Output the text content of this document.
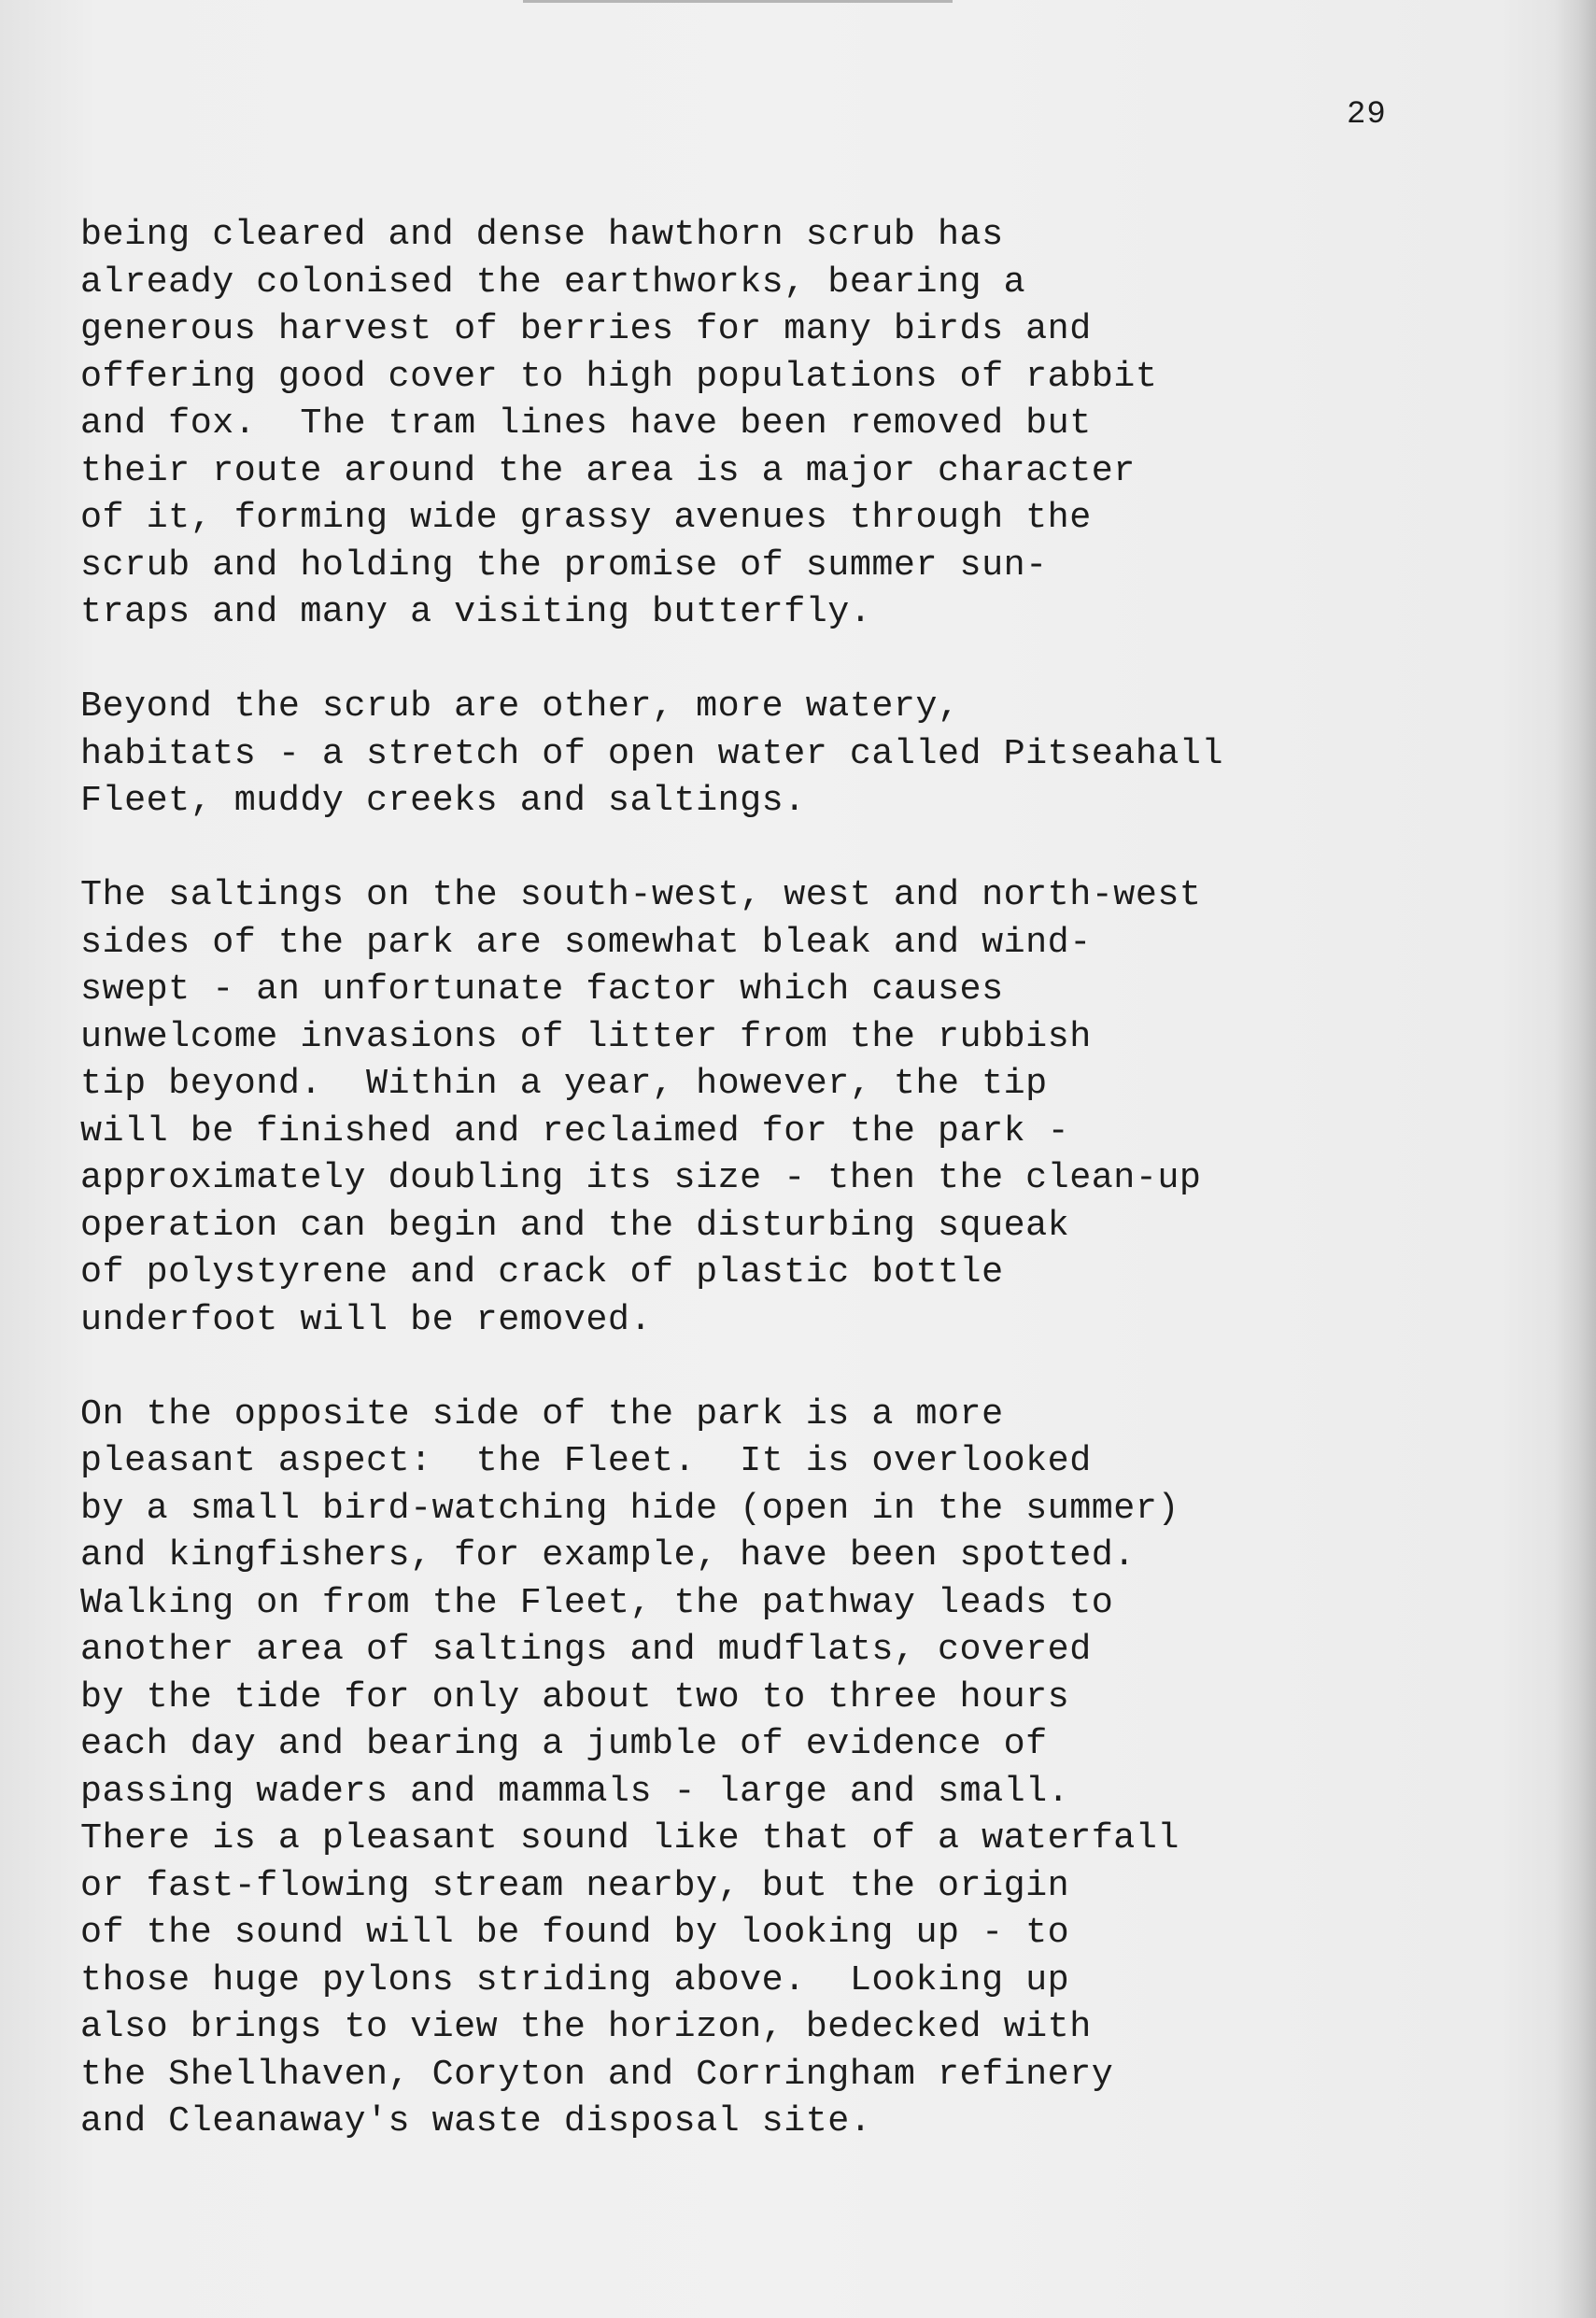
29
being cleared and dense hawthorn scrub has
already colonised the earthworks, bearing a
generous harvest of berries for many birds and
offering good cover to high populations of rabbit
and fox.  The tram lines have been removed but
their route around the area is a major character
of it, forming wide grassy avenues through the
scrub and holding the promise of summer sun-
traps and many a visiting butterfly.
Beyond the scrub are other, more watery,
habitats - a stretch of open water called Pitseahall
Fleet, muddy creeks and saltings.
The saltings on the south-west, west and north-west
sides of the park are somewhat bleak and wind-
swept - an unfortunate factor which causes
unwelcome invasions of litter from the rubbish
tip beyond.  Within a year, however, the tip
will be finished and reclaimed for the park -
approximately doubling its size - then the clean-up
operation can begin and the disturbing squeak
of polystyrene and crack of plastic bottle
underfoot will be removed.
On the opposite side of the park is a more
pleasant aspect:  the Fleet.  It is overlooked
by a small bird-watching hide (open in the summer)
and kingfishers, for example, have been spotted.
Walking on from the Fleet, the pathway leads to
another area of saltings and mudflats, covered
by the tide for only about two to three hours
each day and bearing a jumble of evidence of
passing waders and mammals - large and small.
There is a pleasant sound like that of a waterfall
or fast-flowing stream nearby, but the origin
of the sound will be found by looking up - to
those huge pylons striding above.  Looking up
also brings to view the horizon, bedecked with
the Shellhaven, Coryton and Corringham refinery
and Cleanaway's waste disposal site.
